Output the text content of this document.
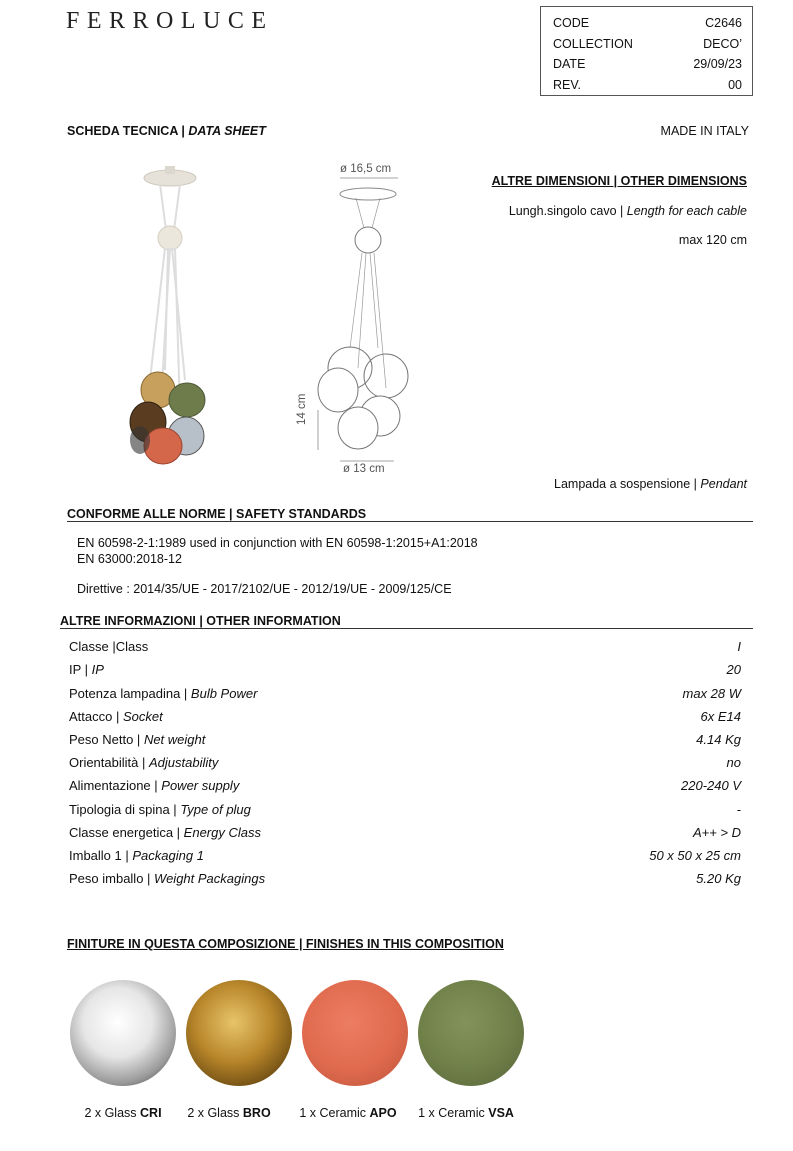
FERROLUCE	CODE	C2646
COLLECTION	DECO’
DATE	29/09/23
REV.	00
SCHEDA TECNICA | DATA SHEET	MADE IN ITALY
ø 16,5 cm
14 cm
ø 13 cm
ALTRE DIMENSIONI | OTHER DIMENSIONS
Lungh.singolo cavo | Length for each cable
max 120 cm
Lampada a sospensione | Pendant
CONFORME ALLE NORME | SAFETY STANDARDS
EN 60598-2-1:1989 used in conjunction with EN 60598-1:2015+A1:2018
EN 63000:2018-12
Direttive : 2014/35/UE - 2017/2102/UE - 2012/19/UE - 2009/125/CE
ALTRE INFORMAZIONI | OTHER INFORMATION
Classe |Class	I
IP | IP	20
Potenza lampadina | Bulb Power	max 28 W
Attacco | Socket	6x E14
Peso Netto | Net weight	4.14 Kg
Orientabilità | Adjustability	no
Alimentazione | Power supply	220-240 V
Tipologia di spina | Type of plug	-
Classe energetica | Energy Class	A++ > D
Imballo 1 | Packaging 1	50 x 50 x 25 cm
Peso imballo | Weight Packagings	5.20 Kg
FINITURE IN QUESTA COMPOSIZIONE | FINISHES IN THIS COMPOSITION
2 x Glass CRI	2 x Glass BRO	1 x Ceramic APO	1 x Ceramic VSA
